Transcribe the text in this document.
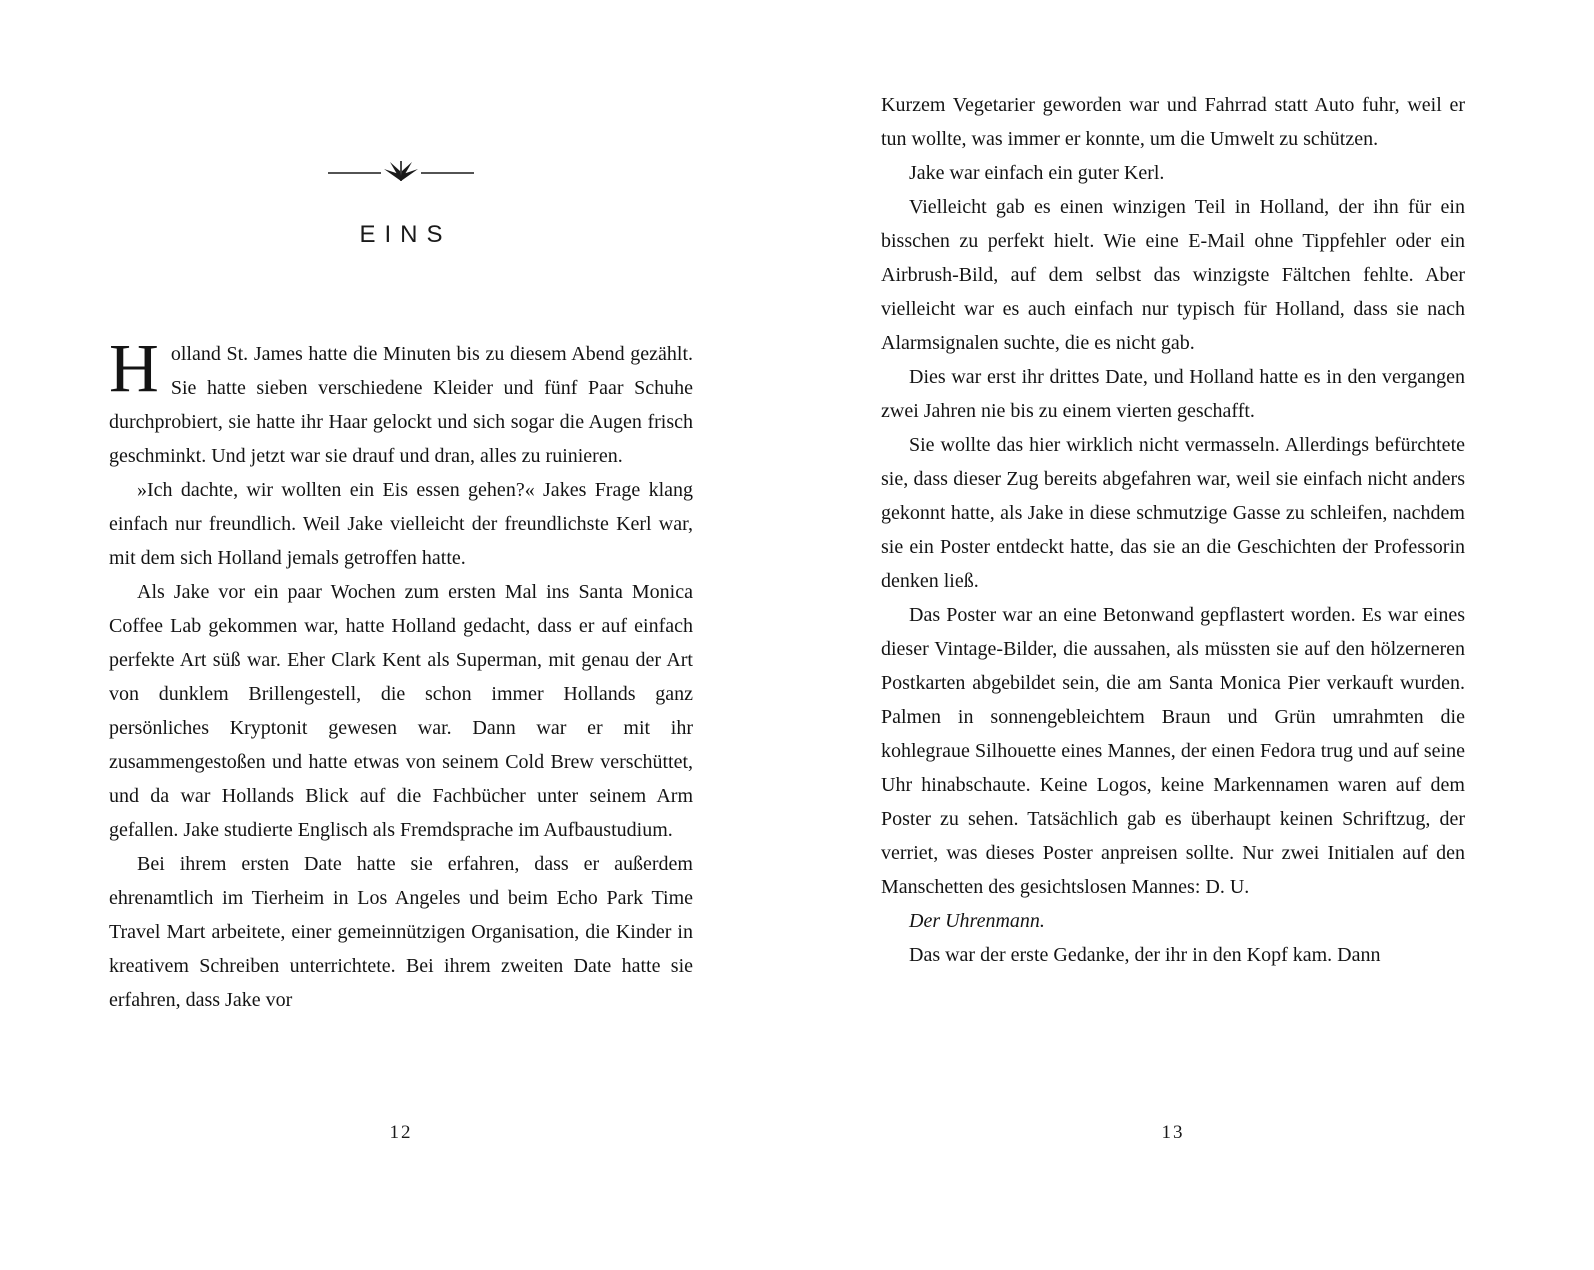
EINS

Holland St. James hatte die Minuten bis zu diesem Abend gezählt. Sie hatte sieben verschiedene Kleider und fünf Paar Schuhe durchprobiert, sie hatte ihr Haar gelockt und sich sogar die Augen frisch geschminkt. Und jetzt war sie drauf und dran, alles zu ruinieren.

»Ich dachte, wir wollten ein Eis essen gehen?« Jakes Frage klang einfach nur freundlich. Weil Jake vielleicht der freundlichste Kerl war, mit dem sich Holland jemals getroffen hatte.

Als Jake vor ein paar Wochen zum ersten Mal ins Santa Monica Coffee Lab gekommen war, hatte Holland gedacht, dass er auf einfach perfekte Art süß war. Eher Clark Kent als Superman, mit genau der Art von dunklem Brillengestell, die schon immer Hollands ganz persönliches Kryptonit gewesen war. Dann war er mit ihr zusammengestoßen und hatte etwas von seinem Cold Brew verschüttet, und da war Hollands Blick auf die Fachbücher unter seinem Arm gefallen. Jake studierte Englisch als Fremdsprache im Aufbaustudium.

Bei ihrem ersten Date hatte sie erfahren, dass er außerdem ehrenamtlich im Tierheim in Los Angeles und beim Echo Park Time Travel Mart arbeitete, einer gemeinnützigen Organisation, die Kinder in kreativem Schreiben unterrichtete. Bei ihrem zweiten Date hatte sie erfahren, dass Jake vor

12

Kurzem Vegetarier geworden war und Fahrrad statt Auto fuhr, weil er tun wollte, was immer er konnte, um die Umwelt zu schützen.

Jake war einfach ein guter Kerl.

Vielleicht gab es einen winzigen Teil in Holland, der ihn für ein bisschen zu perfekt hielt. Wie eine E-Mail ohne Tippfehler oder ein Airbrush-Bild, auf dem selbst das winzigste Fältchen fehlte. Aber vielleicht war es auch einfach nur typisch für Holland, dass sie nach Alarmsignalen suchte, die es nicht gab.

Dies war erst ihr drittes Date, und Holland hatte es in den vergangen zwei Jahren nie bis zu einem vierten geschafft.

Sie wollte das hier wirklich nicht vermasseln. Allerdings befürchtete sie, dass dieser Zug bereits abgefahren war, weil sie einfach nicht anders gekonnt hatte, als Jake in diese schmutzige Gasse zu schleifen, nachdem sie ein Poster entdeckt hatte, das sie an die Geschichten der Professorin denken ließ.

Das Poster war an eine Betonwand gepflastert worden. Es war eines dieser Vintage-Bilder, die aussahen, als müssten sie auf den hölzerneren Postkarten abgebildet sein, die am Santa Monica Pier verkauft wurden. Palmen in sonnengebleichtem Braun und Grün umrahmten die kohlegraue Silhouette eines Mannes, der einen Fedora trug und auf seine Uhr hinabschaute. Keine Logos, keine Markennamen waren auf dem Poster zu sehen. Tatsächlich gab es überhaupt keinen Schriftzug, der verriet, was dieses Poster anpreisen sollte. Nur zwei Initialen auf den Manschetten des gesichtslosen Mannes: D. U.

Der Uhrenmann.

Das war der erste Gedanke, der ihr in den Kopf kam. Dann

13
